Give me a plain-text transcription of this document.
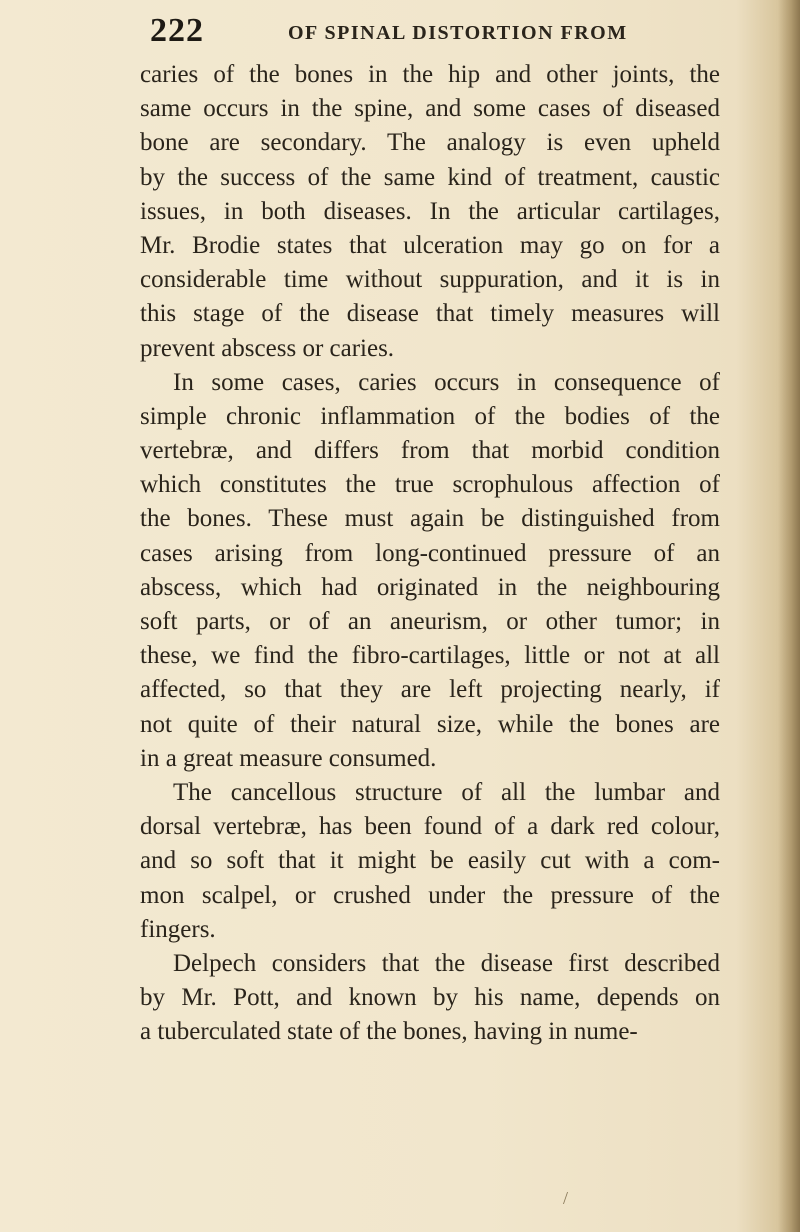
222	OF SPINAL DISTORTION FROM
caries of the bones in the hip and other joints, the
same occurs in the spine, and some cases of diseased
bone are secondary. The analogy is even upheld
by the success of the same kind of treatment, caustic
issues, in both diseases. In the articular cartilages,
Mr. Brodie states that ulceration may go on for a
considerable time without suppuration, and it is in
this stage of the disease that timely measures will
prevent abscess or caries.
In some cases, caries occurs in consequence of
simple chronic inflammation of the bodies of the
vertebræ, and differs from that morbid condition
which constitutes the true scrophulous affection of
the bones. These must again be distinguished from
cases arising from long-continued pressure of an
abscess, which had originated in the neighbouring
soft parts, or of an aneurism, or other tumor; in
these, we find the fibro-cartilages, little or not at all
affected, so that they are left projecting nearly, if
not quite of their natural size, while the bones are
in a great measure consumed.
The cancellous structure of all the lumbar and
dorsal vertebræ, has been found of a dark red colour,
and so soft that it might be easily cut with a com-
mon scalpel, or crushed under the pressure of the
fingers.
Delpech considers that the disease first described
by Mr. Pott, and known by his name, depends on
a tuberculated state of the bones, having in nume-
/
